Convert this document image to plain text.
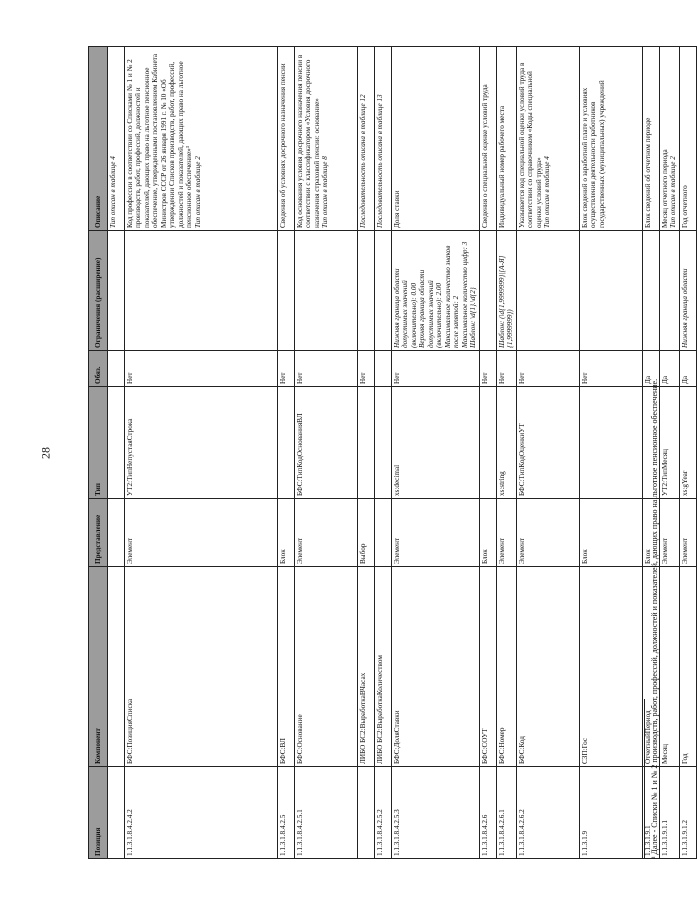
28
Позиция	Компонент	Представление	Тип	Обяз.	Ограничения (расширение)	Описание

						Тип описан в таблице 4

1.1.3.1.8.4.2.4.2	БФС:ПозицияСписка	Элемент	УТ2:ТипНепустаяСтрока	Нет		Код профессии в соответствии со Списками № 1 и № 2 производств, работ, профессий, должностей и показателей, дающих право на льготное пенсионное обеспечение, утвержденными постановлением Кабинета Министров СССР от 26 января 1991 г. № 10 «Об утверждении Списков производств, работ, профессий, должностей и показателей, дающих право на льготное пенсионное обеспечение»³ Тип описан в таблице 2

1.1.3.1.8.4.2.5	БФС:ВЛ	Блок		Нет		Сведения об условиях досрочного назначения пенсии

1.1.3.1.8.4.2.5.1	БФС:Основание	Элемент	БФС:ТипКодОснованияВЛ	Нет		Код основания условия досрочного назначения пенсии в соответствии с классификатором «Условия досрочного назначения страховой пенсии: основание» Тип описан в таблице 8

	ЛИБО БС2:ВыработкаВЧасах	Выбор		Нет		Последовательность описана в таблице 12

1.1.3.1.8.4.2.5.2	ЛИБО БС2:ВыработкаКоличеством					Последовательность описана в таблице 13

1.1.3.1.8.4.2.5.3	БФС:ДоляСтавки	Элемент	xs:decimal	Нет	Нижняя граница области допустимых значений (включительно): 0.00
Верхняя граница области допустимых значений (включительно): 2.00
Максимальное количество знаков после запятой: 2
Максимальное количество цифр: 3
Шаблон: \d{1}.\d{2}	Доля ставки

1.1.3.1.8.4.2.6	БФС:СОУТ	Блок		Нет		Сведения о специальной оценке условий труда

1.1.3.1.8.4.2.6.1	БФС:Номер	Элемент	xs:string	Нет	Шаблон: (\d{1,9999999}|[А-Я]{1,9999999})	Индивидуальный номер рабочего места

1.1.3.1.8.4.2.6.2	БФС:Код	Элемент	БФС:ТипКодОценкиУТ	Нет		Указывается код специальной оценки условий труда в соответствии со справочником «Коды специальной оценки условий труда» Тип описан в таблице 4

1.1.3.1.9	СЗП:Гос	Блок		Нет		Блок сведений о заработной плате и условиях осуществления деятельности работников государственных (муниципальных) учреждений

1.1.3.1.9.1	ОтчетныйПериод	Блок		Да		Блок сведений об отчетном периоде

1.1.3.1.9.1.1	Месяц	Элемент	УТ2:ТипМесяц	Да		Месяц отчетного периода Тип описан в таблице 2

1.1.3.1.9.1.2	Год	Элемент	xs:gYear	Да	Нижняя граница области	Год отчетного
³ Далее - Списки № 1 и № 2 производств, работ, профессий, должностей и показателей, дающих право на льготное пенсионное обеспечение.
